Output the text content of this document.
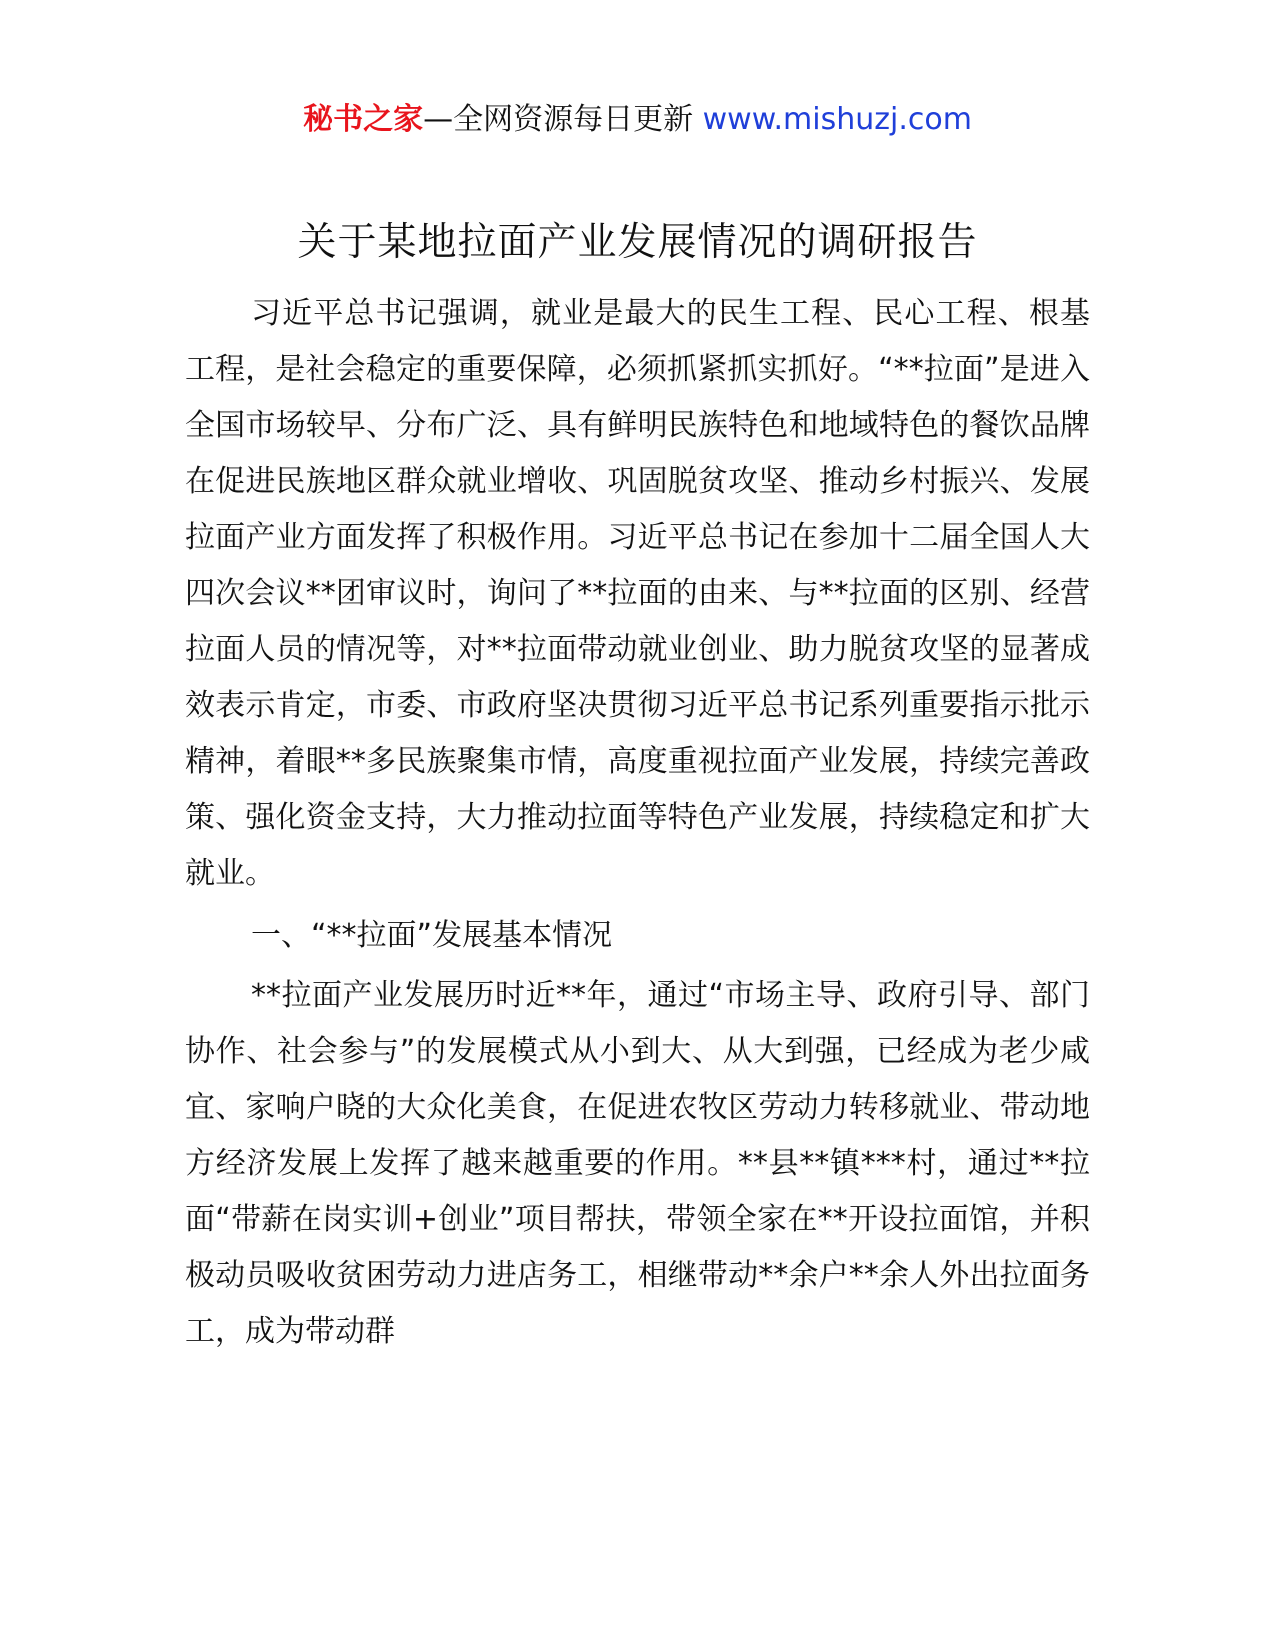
秘书之家—全网资源每日更新 www.mishuzj.com
关于某地拉面产业发展情况的调研报告

习近平总书记强调，就业是最大的民生工程、民心工程、根基工程，是社会稳定的重要保障，必须抓紧抓实抓好。“**拉面”是进入全国市场较早、分布广泛、具有鲜明民族特色和地域特色的餐饮品牌在促进民族地区群众就业增收、巩固脱贫攻坚、推动乡村振兴、发展拉面产业方面发挥了积极作用。习近平总书记在参加十二届全国人大四次会议**团审议时，询问了**拉面的由来、与**拉面的区别、经营拉面人员的情况等，对**拉面带动就业创业、助力脱贫攻坚的显著成效表示肯定，市委、市政府坚决贯彻习近平总书记系列重要指示批示精神，着眼**多民族聚集市情，高度重视拉面产业发展，持续完善政策、强化资金支持，大力推动拉面等特色产业发展，持续稳定和扩大就业。

一、“**拉面”发展基本情况

**拉面产业发展历时近**年，通过“市场主导、政府引导、部门协作、社会参与”的发展模式从小到大、从大到强，已经成为老少咸宜、家响户晓的大众化美食，在促进农牧区劳动力转移就业、带动地方经济发展上发挥了越来越重要的作用。**县**镇***村，通过**拉面“带薪在岗实训+创业”项目帮扶，带领全家在**开设拉面馆，并积极动员吸收贫困劳动力进店务工，相继带动**余户**余人外出拉面务工，成为带动群
